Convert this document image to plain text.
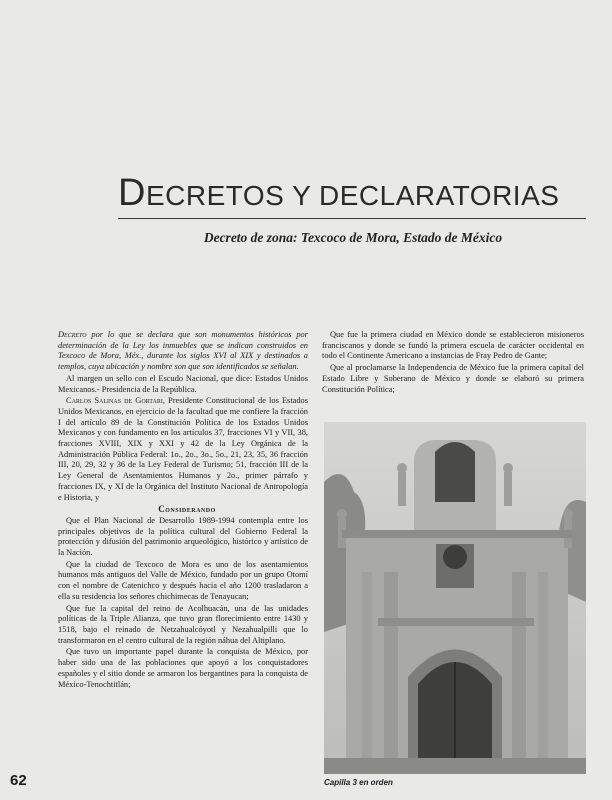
DECRETOS Y DECLARATORIAS
Decreto de zona: Texcoco de Mora, Estado de México

Decreto por lo que se declara que son monumentos históricos por determinación de la Ley los inmuebles que se indican construidos en Texcoco de Mora, Méx., durante los siglos XVI al XIX y destinados a templos, cuya ubicación y nombre son que son identificados se señalan.

Al margen un sello con el Escudo Nacional, que dice: Estados Unidos Mexicanos.- Presidencia de la República.

Carlos Salinas de Gortari, Presidente Constitucional de los Estados Unidos Mexicanos, en ejercicio de la facultad que me confiere la fracción I del artículo 89 de la Constitución Política de los Estados Unidos Mexicanos y con fundamento en los artículos 37, fracciones VI y VII, 38, fracciones XVIII, XIX y XXI y 42 de la Ley Orgánica de la Administración Pública Federal: 1o., 2o., 3o., 5o., 21, 23, 35, 36 fracción III, 20, 29, 32 y 36 de la Ley Federal de Turismo; 51, fracción III de la Ley General de Asentamientos Humanos y 2o., primer párrafo y fracciones IX, y XI de la Orgánica del Instituto Nacional de Antropología e Historia, y

Considerando

Que el Plan Nacional de Desarrollo 1989-1994 contempla entre los principales objetivos de la política cultural del Gobierno Federal la protección y difusión del patrimonio arqueológico, histórico y artístico de la Nación.

Que la ciudad de Texcoco de Mora es uno de los asentamientos humanos más antiguos del Valle de México, fundado por un grupo Otomí con el nombre de Catenichco y después hacia el año 1200 trasladaron a ella su residencia los señores chichimecas de Tenayucan;

Que fue la capital del reino de Acolhuacán, una de las unidades políticas de la Triple Alianza, que tuvo gran florecimiento entre 1430 y 1518, bajo el reinado de Netzahualcóyotl y Nezahualpilli que lo transformaron en el centro cultural de la región náhua del Altiplano.

Que tuvo un importante papel durante la conquista de México, por haber sido una de las poblaciones que apoyó a los conquistadores españoles y el sitio donde se armaron los bergantines para la conquista de México-Tenochtitlán;

Que fue la primera ciudad en México donde se establecieron misioneros franciscanos y donde se fundó la primera escuela de carácter occidental en todo el Continente Americano a instancias de Fray Pedro de Gante;

Que al proclamarse la Independencia de México fue la primera capital del Estado Libre y Soberano de México y donde se elaboró su primera Constitución Política;

Capilla 3 en orden

62
